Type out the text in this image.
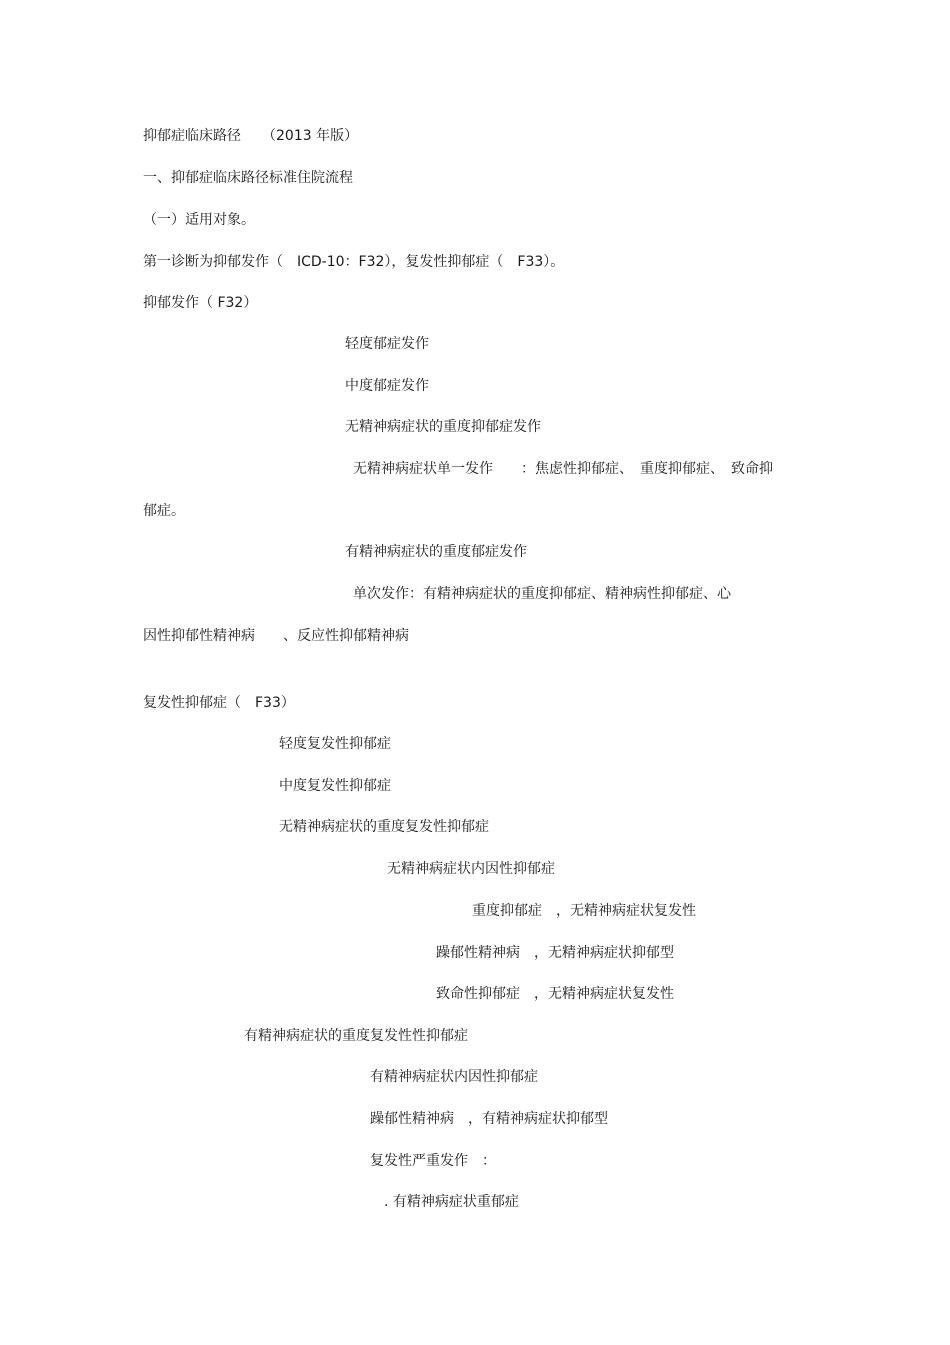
抑郁症临床路径　　（2013 年版）
一、抑郁症临床路径标准住院流程
（一）适用对象。
第一诊断为抑郁发作（　ICD-10：F32），复发性抑郁症（　F33）。
抑郁发作（ F32）
轻度郁症发作
中度郁症发作
无精神病症状的重度抑郁症发作
无精神病症状单一发作　　：焦虑性抑郁症、　重度抑郁症、　致命抑
郁症。
有精神病症状的重度郁症发作
单次发作：有精神病症状的重度抑郁症、精神病性抑郁症、心
因性抑郁性精神病　　、反应性抑郁精神病
复发性抑郁症（　F33）
轻度复发性抑郁症
中度复发性抑郁症
无精神病症状的重度复发性抑郁症
无精神病症状内因性抑郁症
重度抑郁症　，无精神病症状复发性
躁郁性精神病　，无精神病症状抑郁型
致命性抑郁症　，无精神病症状复发性
有精神病症状的重度复发性性抑郁症
有精神病症状内因性抑郁症
躁郁性精神病　，有精神病症状抑郁型
复发性严重发作　：
. 有精神病症状重郁症
